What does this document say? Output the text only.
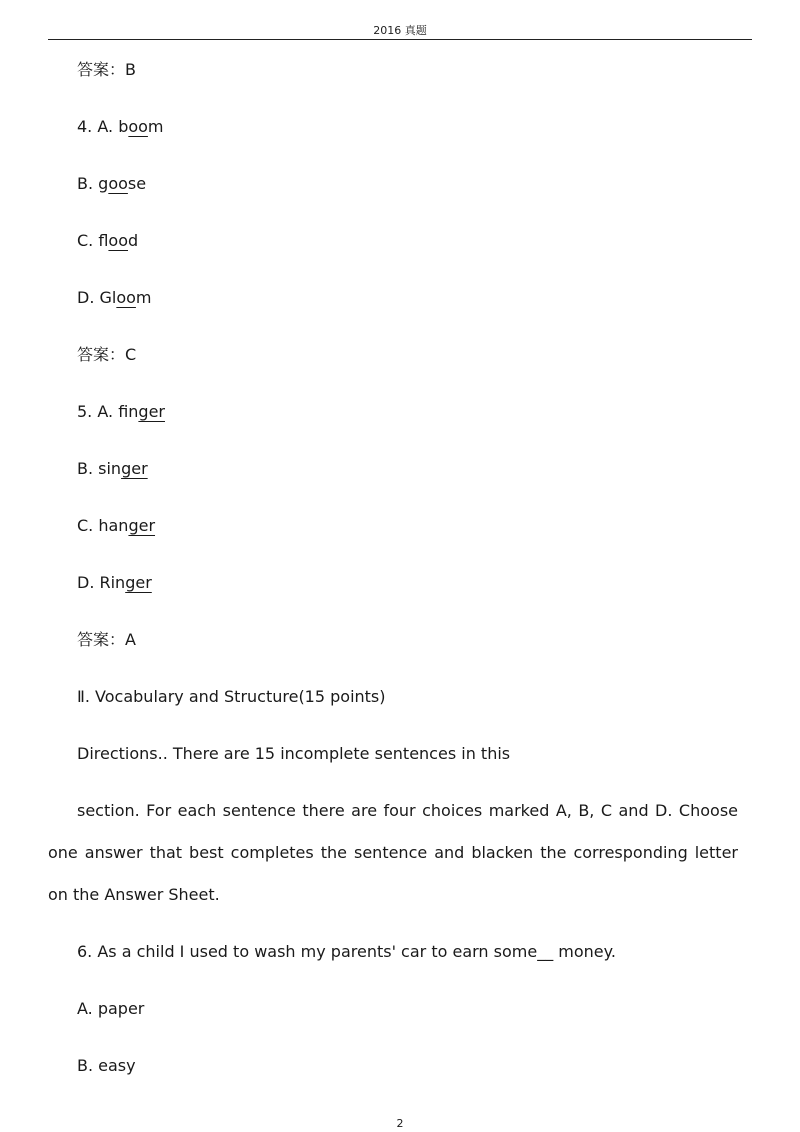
2016 真题
答案：B
4. A. boom
B. goose
C. flood
D. Gloom
答案：C
5. A. finger
B. singer
C. hanger
D. Ringer
答案：A
Ⅱ. Vocabulary and Structure(15 points)
Directions.. There are 15 incomplete sentences in this
section. For each sentence there are four choices marked A, B, C and D. Choose one answer that best completes the sentence and blacken the corresponding letter on the Answer Sheet.
6. As a child I used to wash my parents' car to earn some__ money.
A. paper
B. easy
2
